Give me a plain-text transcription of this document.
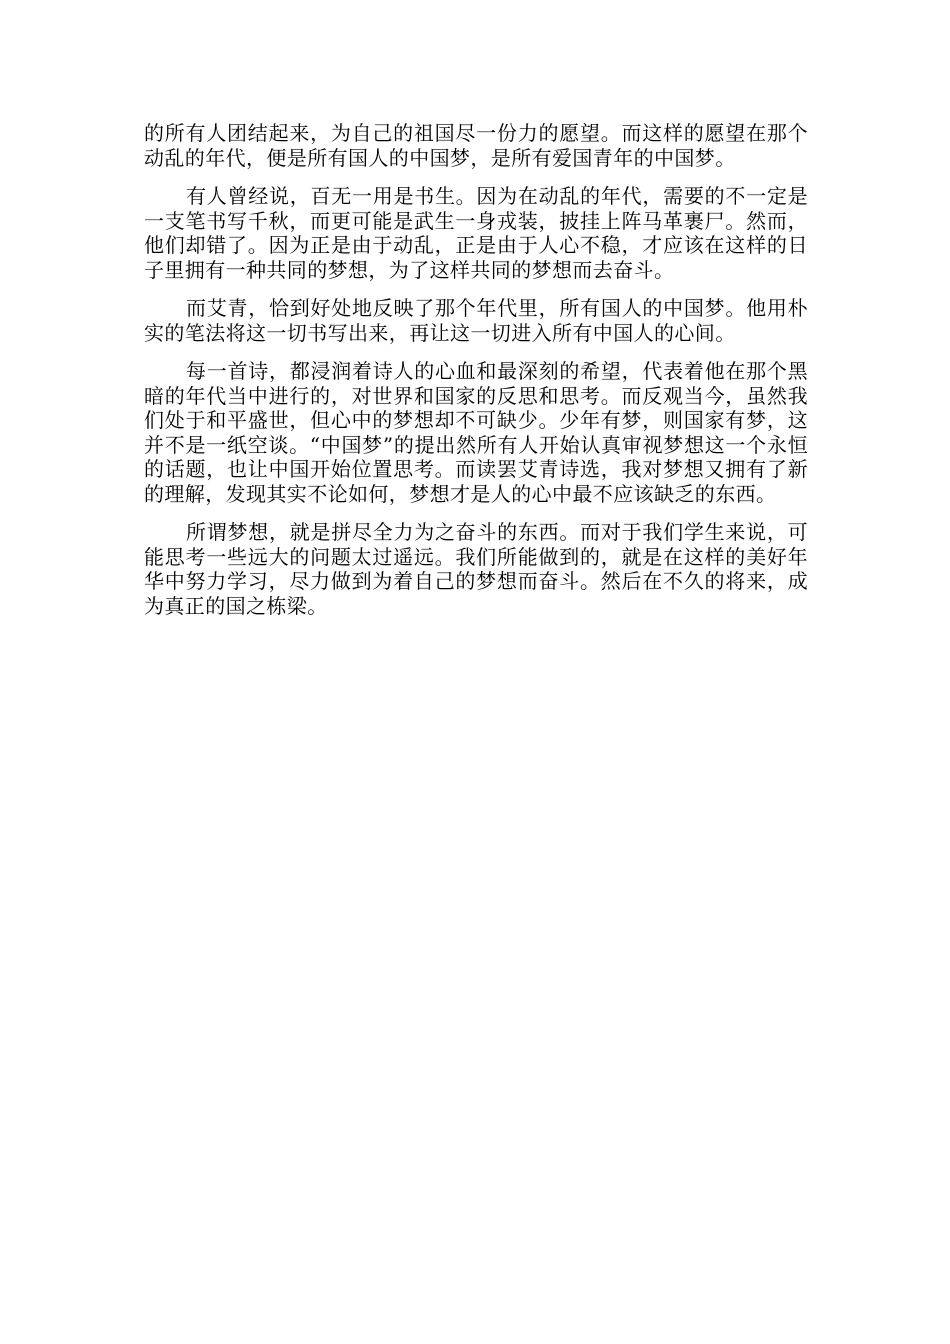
的所有人团结起来，为自己的祖国尽一份力的愿望。而这样的愿望在那个动乱的年代，便是所有国人的中国梦，是所有爱国青年的中国梦。

有人曾经说，百无一用是书生。因为在动乱的年代，需要的不一定是一支笔书写千秋，而更可能是武生一身戎装，披挂上阵马革裹尸。然而，他们却错了。因为正是由于动乱，正是由于人心不稳，才应该在这样的日子里拥有一种共同的梦想，为了这样共同的梦想而去奋斗。

而艾青，恰到好处地反映了那个年代里，所有国人的中国梦。他用朴实的笔法将这一切书写出来，再让这一切进入所有中国人的心间。

每一首诗，都浸润着诗人的心血和最深刻的希望，代表着他在那个黑暗的年代当中进行的，对世界和国家的反思和思考。而反观当今，虽然我们处于和平盛世，但心中的梦想却不可缺少。少年有梦，则国家有梦，这并不是一纸空谈。“中国梦”的提出然所有人开始认真审视梦想这一个永恒的话题，也让中国开始位置思考。而读罢艾青诗选，我对梦想又拥有了新的理解，发现其实不论如何，梦想才是人的心中最不应该缺乏的东西。

所谓梦想，就是拼尽全力为之奋斗的东西。而对于我们学生来说，可能思考一些远大的问题太过遥远。我们所能做到的，就是在这样的美好年华中努力学习，尽力做到为着自己的梦想而奋斗。然后在不久的将来，成为真正的国之栋梁。
